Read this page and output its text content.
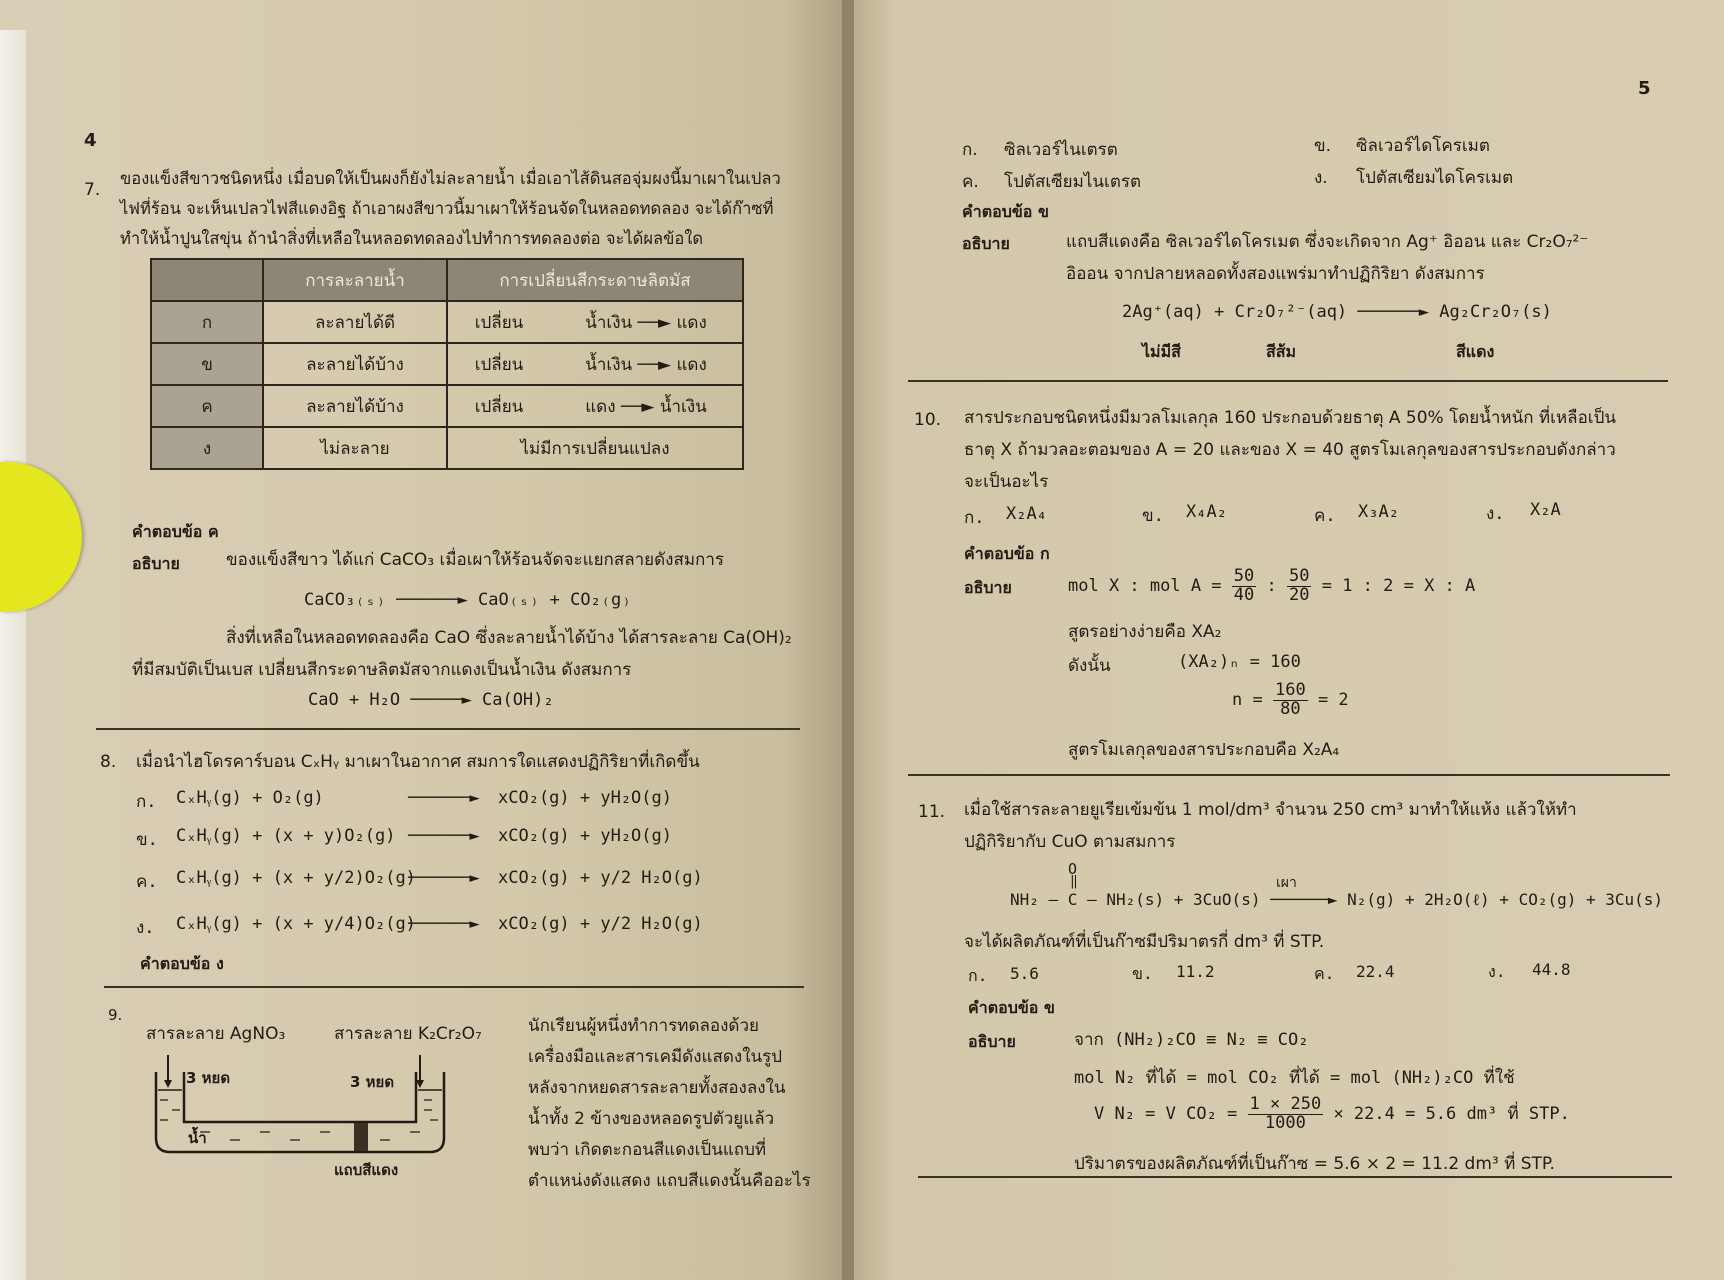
4
7.
ของแข็งสีขาวชนิดหนึ่ง เมื่อบดให้เป็นผงก็ยังไม่ละลายน้ำ เมื่อเอาไส้ดินสอจุ่มผงนี้มาเผาในเปลว
ไฟที่ร้อน จะเห็นเปลวไฟสีแดงอิฐ ถ้าเอาผงสีขาวนี้มาเผาให้ร้อนจัดในหลอดทดลอง จะได้ก๊าซที่
ทำให้น้ำปูนใสขุ่น ถ้านำสิ่งที่เหลือในหลอดทดลองไปทำการทดลองต่อ จะได้ผลข้อใด
	การละลายน้ำ	การเปลี่ยนสีกระดาษลิตมัส	
ก	ละลายได้ดี	เปลี่ยน	น้ำเงิน ──► แดง
ข	ละลายได้บ้าง	เปลี่ยน	น้ำเงิน ──► แดง
ค	ละลายได้บ้าง	เปลี่ยน	แดง ──► น้ำเงิน
ง	ไม่ละลาย	ไม่มีการเปลี่ยนแปลง	
คำตอบข้อ ค
อธิบาย	ของแข็งสีขาว ได้แก่ CaCO₃ เมื่อเผาให้ร้อนจัดจะแยกสลายดังสมการ
CaCO₃₍ₛ₎ ──────► CaO₍ₛ₎ + CO₂₍g₎
สิ่งที่เหลือในหลอดทดลองคือ CaO ซึ่งละลายน้ำได้บ้าง ได้สารละลาย Ca(OH)₂
ที่มีสมบัติเป็นเบส เปลี่ยนสีกระดาษลิตมัสจากแดงเป็นน้ำเงิน ดังสมการ
CaO + H₂O ─────► Ca(OH)₂
8. เมื่อนำไฮโดรคาร์บอน CₓHᵧ มาเผาในอากาศ สมการใดแสดงปฏิกิริยาที่เกิดขึ้น
ก. CₓHᵧ(g) + O₂(g)	──────► xCO₂(g) + yH₂O(g)
ข. CₓHᵧ(g) + (x + y)O₂(g) ──────► xCO₂(g) + yH₂O(g)
ค. CₓHᵧ(g) + (x + y/2)O₂(g)
──────► xCO₂(g) + y/2 H₂O(g)
ง. CₓHᵧ(g) + (x + y/4)O₂(g)
──────► xCO₂(g) + y/2 H₂O(g)
คำตอบข้อ ง
9.
สารละลาย AgNO₃	สารละลาย K₂Cr₂O₇
3 หยด	3 หยด
น้ำ
แถบสีแดง
นักเรียนผู้หนึ่งทำการทดลองด้วย
เครื่องมือและสารเคมีดังแสดงในรูป
หลังจากหยดสารละลายทั้งสองลงใน
น้ำทั้ง 2 ข้างของหลอดรูปตัวยูแล้ว
พบว่า เกิดตะกอนสีแดงเป็นแถบที่
ตำแหน่งดังแสดง แถบสีแดงนั้นคืออะไร
5
ก. ซิลเวอร์ไนเตรต	ข. ซิลเวอร์ไดโครเมต
ค. โปตัสเซียมไนเตรต	ง. โปตัสเซียมไดโครเมต
คำตอบข้อ ข
อธิบาย	แถบสีแดงคือ ซิลเวอร์ไดโครเมต ซึ่งจะเกิดจาก Ag⁺ อิออน และ Cr₂O₇²⁻
อิออน จากปลายหลอดทั้งสองแพร่มาทำปฏิกิริยา ดังสมการ
2Ag⁺(aq) + Cr₂O₇²⁻(aq) ──────► Ag₂Cr₂O₇(s)
ไม่มีสี	สีส้ม	สีแดง
10. สารประกอบชนิดหนึ่งมีมวลโมเลกุล 160 ประกอบด้วยธาตุ A 50% โดยน้ำหนัก ที่เหลือเป็น
ธาตุ X ถ้ามวลอะตอมของ A = 20 และของ X = 40 สูตรโมเลกุลของสารประกอบดังกล่าว
จะเป็นอะไร
ก. X₂A₄	ข. X₄A₂	ค. X₃A₂	ง. X₂A
คำตอบข้อ ก
อธิบาย	mol X : mol $A = \frac{50}{40}$ : $\frac{50}{20} = 1$ : 2 = X : A
สูตรอย่างง่ายคือ XA₂
ดังนั้น	(XA₂)ₙ = 160
$n = \frac{160}{80} = 2$
สูตรโมเลกุลของสารประกอบคือ X₂A₄
11. เมื่อใช้สารละลายยูเรียเข้มข้น 1 mol/dm³ จำนวน 250 cm³ มาทำให้แห้ง แล้วให้ทำ
ปฏิกิริยากับ CuO ตามสมการ
O
‖	เผา
NH₂ – C – NH₂(s) + 3CuO(s) ──────► N₂(g) + 2H₂O(ℓ) + CO₂(g) + 3Cu(s)
จะได้ผลิตภัณฑ์ที่เป็นก๊าซมีปริมาตรกี่ dm³ ที่ STP.
ก. 5.6	ข. 11.2	ค. 22.4	ง. 44.8
คำตอบข้อ ข
อธิบาย	จาก (NH₂)₂CO ≡ N₂ ≡ CO₂
mol N₂ ที่ได้ = mol CO₂ ที่ได้ = mol (NH₂)₂CO ที่ใช้
V N₂ = V $CO_2 = \frac{1 \times 250}{1000} \times 22.4 = 5.6$ dm³ ที่ STP.
ปริมาตรของผลิตภัณฑ์ที่เป็นก๊าซ = 5.6 × 2 = 11.2 dm³ ที่ STP.
